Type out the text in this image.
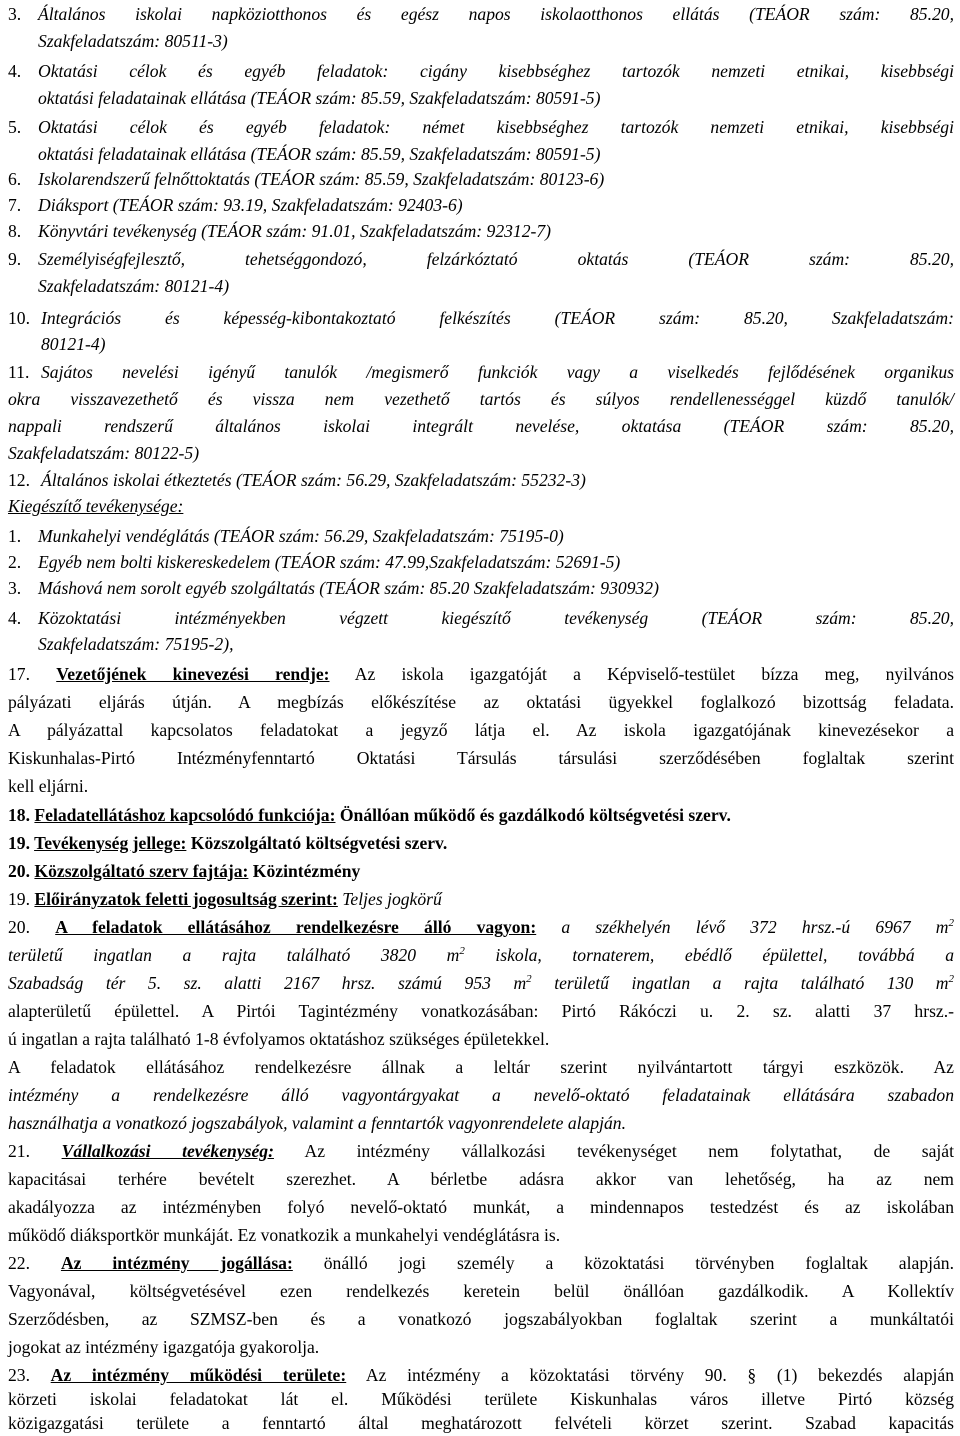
3. Általános iskolai napköziotthonos és egész napos iskolaotthonos ellátás (TEÁOR szám: 85.20,
Szakfeladatszám: 80511-3)
4. Oktatási célok és egyéb feladatok: cigány kisebbséghez tartozók nemzeti etnikai, kisebbségi
oktatási feladatainak ellátása (TEÁOR szám: 85.59, Szakfeladatszám: 80591-5)
5. Oktatási célok és egyéb feladatok: német kisebbséghez tartozók nemzeti etnikai, kisebbségi
oktatási feladatainak ellátása (TEÁOR szám: 85.59, Szakfeladatszám: 80591-5)
6. Iskolarendszerű felnőttoktatás (TEÁOR szám: 85.59, Szakfeladatszám: 80123-6)
7. Diáksport (TEÁOR szám: 93.19, Szakfeladatszám: 92403-6)
8. Könyvtári tevékenység (TEÁOR szám: 91.01, Szakfeladatszám: 92312-7)
9. Személyiségfejlesztő, tehetséggondozó, felzárkóztató oktatás (TEÁOR szám: 85.20,
Szakfeladatszám: 80121-4)
10. Integrációs és képesség-kibontakoztató felkészítés (TEÁOR szám: 85.20, Szakfeladatszám:
80121-4)
11. Sajátos nevelési igényű tanulók /megismerő funkciók vagy a viselkedés fejlődésének organikus
okra visszavezethető és vissza nem vezethető tartós és súlyos rendellenességgel küzdő tanulók/
nappali rendszerű általános iskolai integrált nevelése, oktatása (TEÁOR szám: 85.20,
Szakfeladatszám: 80122-5)
12. Általános iskolai étkeztetés (TEÁOR szám: 56.29, Szakfeladatszám: 55232-3)
Kiegészítő tevékenysége:
1. Munkahelyi vendéglátás (TEÁOR szám: 56.29, Szakfeladatszám: 75195-0)
2. Egyéb nem bolti kiskereskedelem (TEÁOR szám: 47.99,Szakfeladatszám: 52691-5)
3. Máshová nem sorolt egyéb szolgáltatás (TEÁOR szám: 85.20 Szakfeladatszám: 930932)
4. Közoktatási intézményekben végzett kiegészítő tevékenység (TEÁOR szám: 85.20,
Szakfeladatszám: 75195-2),
17. Vezetőjének kinevezési rendje: Az iskola igazgatóját a Képviselő-testület bízza meg, nyilvános
pályázati eljárás útján. A megbízás előkészítése az oktatási ügyekkel foglalkozó bizottság feladata.
A pályázattal kapcsolatos feladatokat a jegyző látja el. Az iskola igazgatójának kinevezésekor a
Kiskunhalas-Pirtó Intézményfenntartó Oktatási Társulás társulási szerződésében foglaltak szerint
kell eljárni.
18. Feladatellátáshoz kapcsolódó funkciója: Önállóan működő és gazdálkodó költségvetési szerv.
19. Tevékenység jellege: Közszolgáltató költségvetési szerv.
20. Közszolgáltató szerv fajtája: Közintézmény
19. Előirányzatok feletti jogosultság szerint: Teljes jogkörű
20. A feladatok ellátásához rendelkezésre álló vagyon: a székhelyén lévő 372 hrsz.-ú 6967 $m^2$
területű ingatlan a rajta található 3820 $m^2$ iskola, tornaterem, ebédlő épülettel, továbbá a
Szabadság tér 5. sz. alatti 2167 hrsz. számú 953 $m^2$ területű ingatlan a rajta található 130 $m^2$
alapterületű épülettel. A Pirtói Tagintézmény vonatkozásában: Pirtó Rákóczi u. 2. sz. alatti 37 hrsz.-
ú ingatlan a rajta található 1-8 évfolyamos oktatáshoz szükséges épületekkel.
A feladatok ellátásához rendelkezésre állnak a leltár szerint nyilvántartott tárgyi eszközök. Az
intézmény a rendelkezésre álló vagyontárgyakat a nevelő-oktató feladatainak ellátására szabadon
használhatja a vonatkozó jogszabályok, valamint a fenntartók vagyonrendelete alapján.
21. Vállalkozási tevékenység: Az intézmény vállalkozási tevékenységet nem folytathat, de saját
kapacitásai terhére bevételt szerezhet. A bérletbe adásra akkor van lehetőség, ha az nem
akadályozza az intézményben folyó nevelő-oktató munkát, a mindennapos testedzést és az iskolában
működő diáksportkör munkáját. Ez vonatkozik a munkahelyi vendéglátásra is.
22. Az intézmény jogállása: önálló jogi személy a közoktatási törvényben foglaltak alapján.
Vagyonával, költségvetésével ezen rendelkezés keretein belül önállóan gazdálkodik. A Kollektív
Szerződésben, az SZMSZ-ben és a vonatkozó jogszabályokban foglaltak szerint a munkáltatói
jogokat az intézmény igazgatója gyakorolja.
23. Az intézmény működési területe: Az intézmény a közoktatási törvény 90. § (1) bekezdés alapján
körzeti iskolai feladatokat lát el. Működési területe Kiskunhalas város illetve Pirtó község
közigazgatási területe a fenntartó által meghatározott felvételi körzet szerint. Szabad kapacitás
